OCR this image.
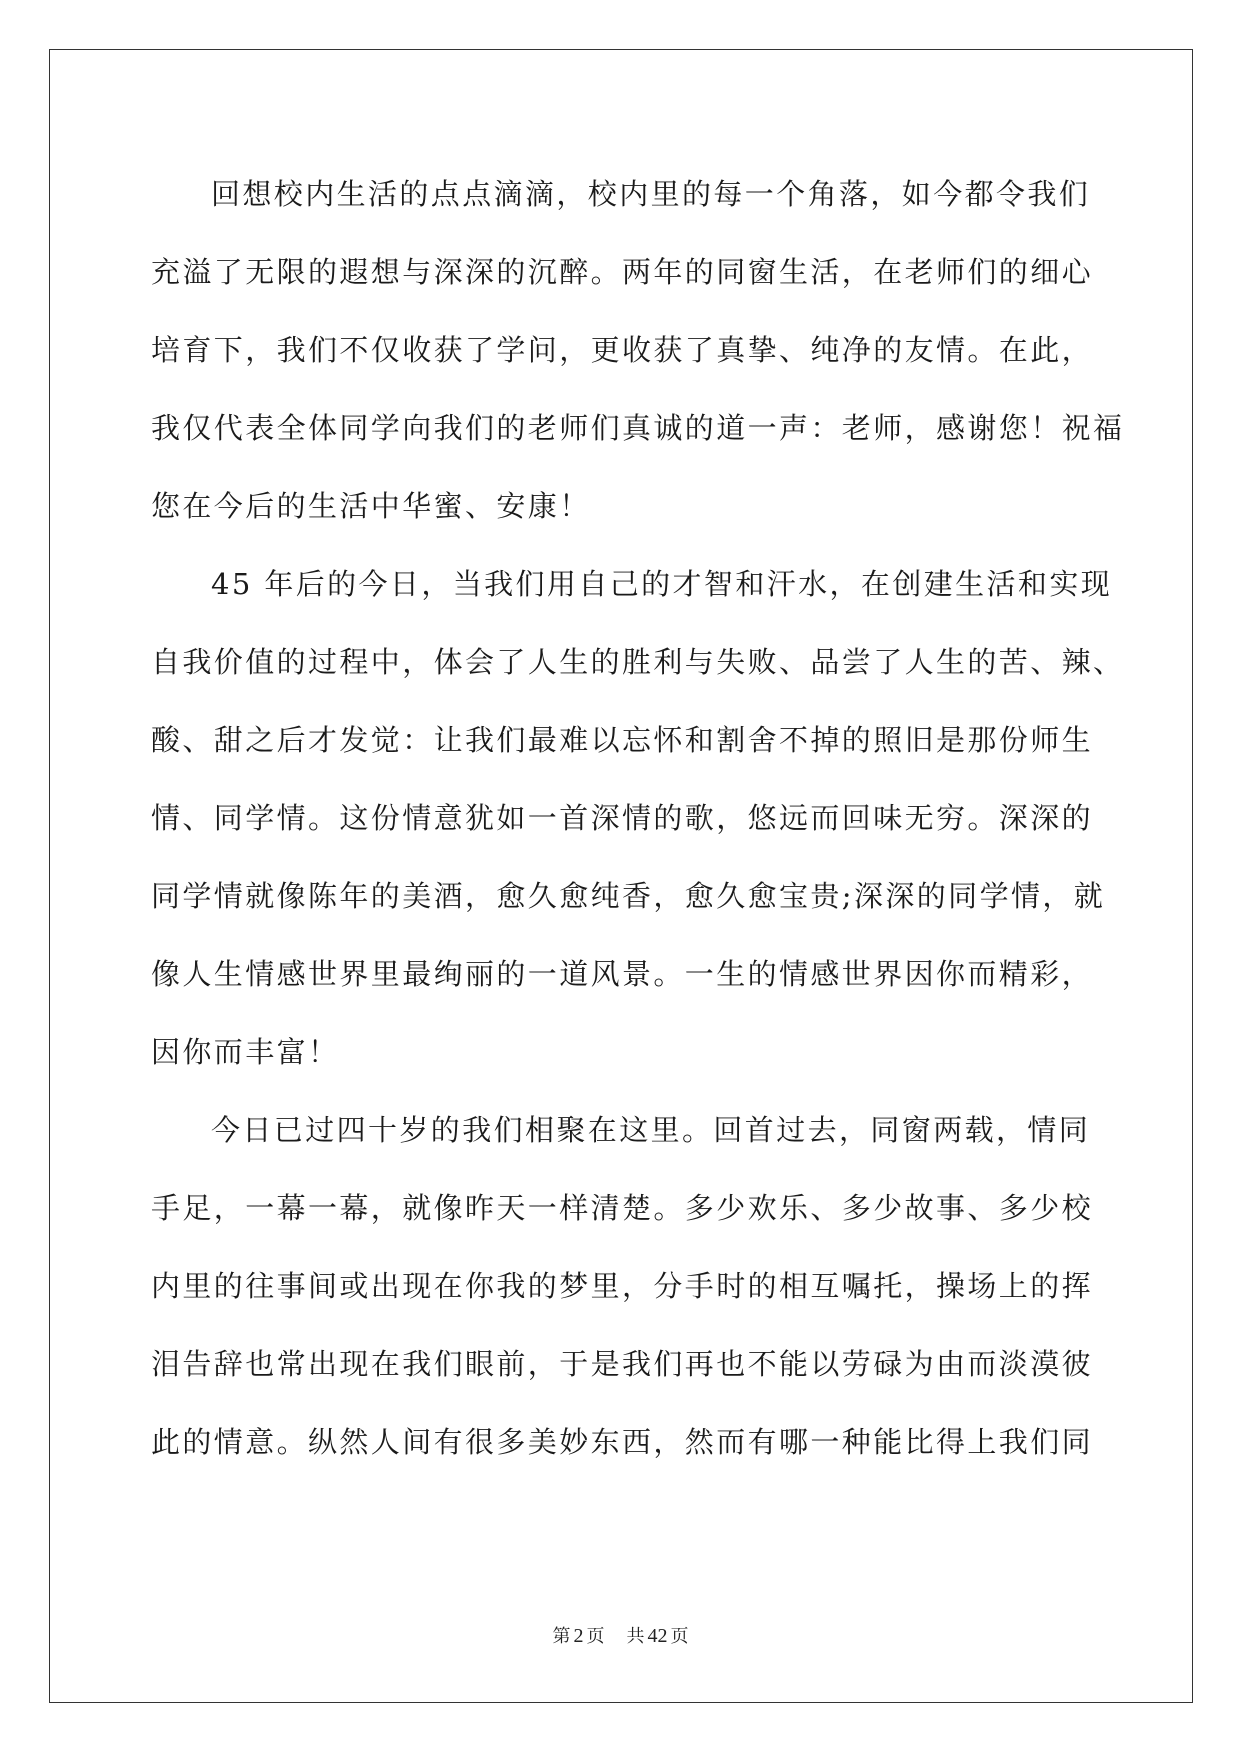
回想校内生活的点点滴滴，校内里的每一个角落，如今都令我们
充溢了无限的遐想与深深的沉醉。两年的同窗生活，在老师们的细心
培育下，我们不仅收获了学问，更收获了真挚、纯净的友情。在此，
我仅代表全体同学向我们的老师们真诚的道一声：老师，感谢您！祝福
您在今后的生活中华蜜、安康！
45 年后的今日，当我们用自己的才智和汗水，在创建生活和实现
自我价值的过程中，体会了人生的胜利与失败、品尝了人生的苦、辣、
酸、甜之后才发觉：让我们最难以忘怀和割舍不掉的照旧是那份师生
情、同学情。这份情意犹如一首深情的歌，悠远而回味无穷。深深的
同学情就像陈年的美酒，愈久愈纯香，愈久愈宝贵;深深的同学情，就
像人生情感世界里最绚丽的一道风景。一生的情感世界因你而精彩，
因你而丰富！
今日已过四十岁的我们相聚在这里。回首过去，同窗两载，情同
手足，一幕一幕，就像昨天一样清楚。多少欢乐、多少故事、多少校
内里的往事间或出现在你我的梦里，分手时的相互嘱托，操场上的挥
泪告辞也常出现在我们眼前，于是我们再也不能以劳碌为由而淡漠彼
此的情意。纵然人间有很多美妙东西，然而有哪一种能比得上我们同
第 2 页 共 42 页
